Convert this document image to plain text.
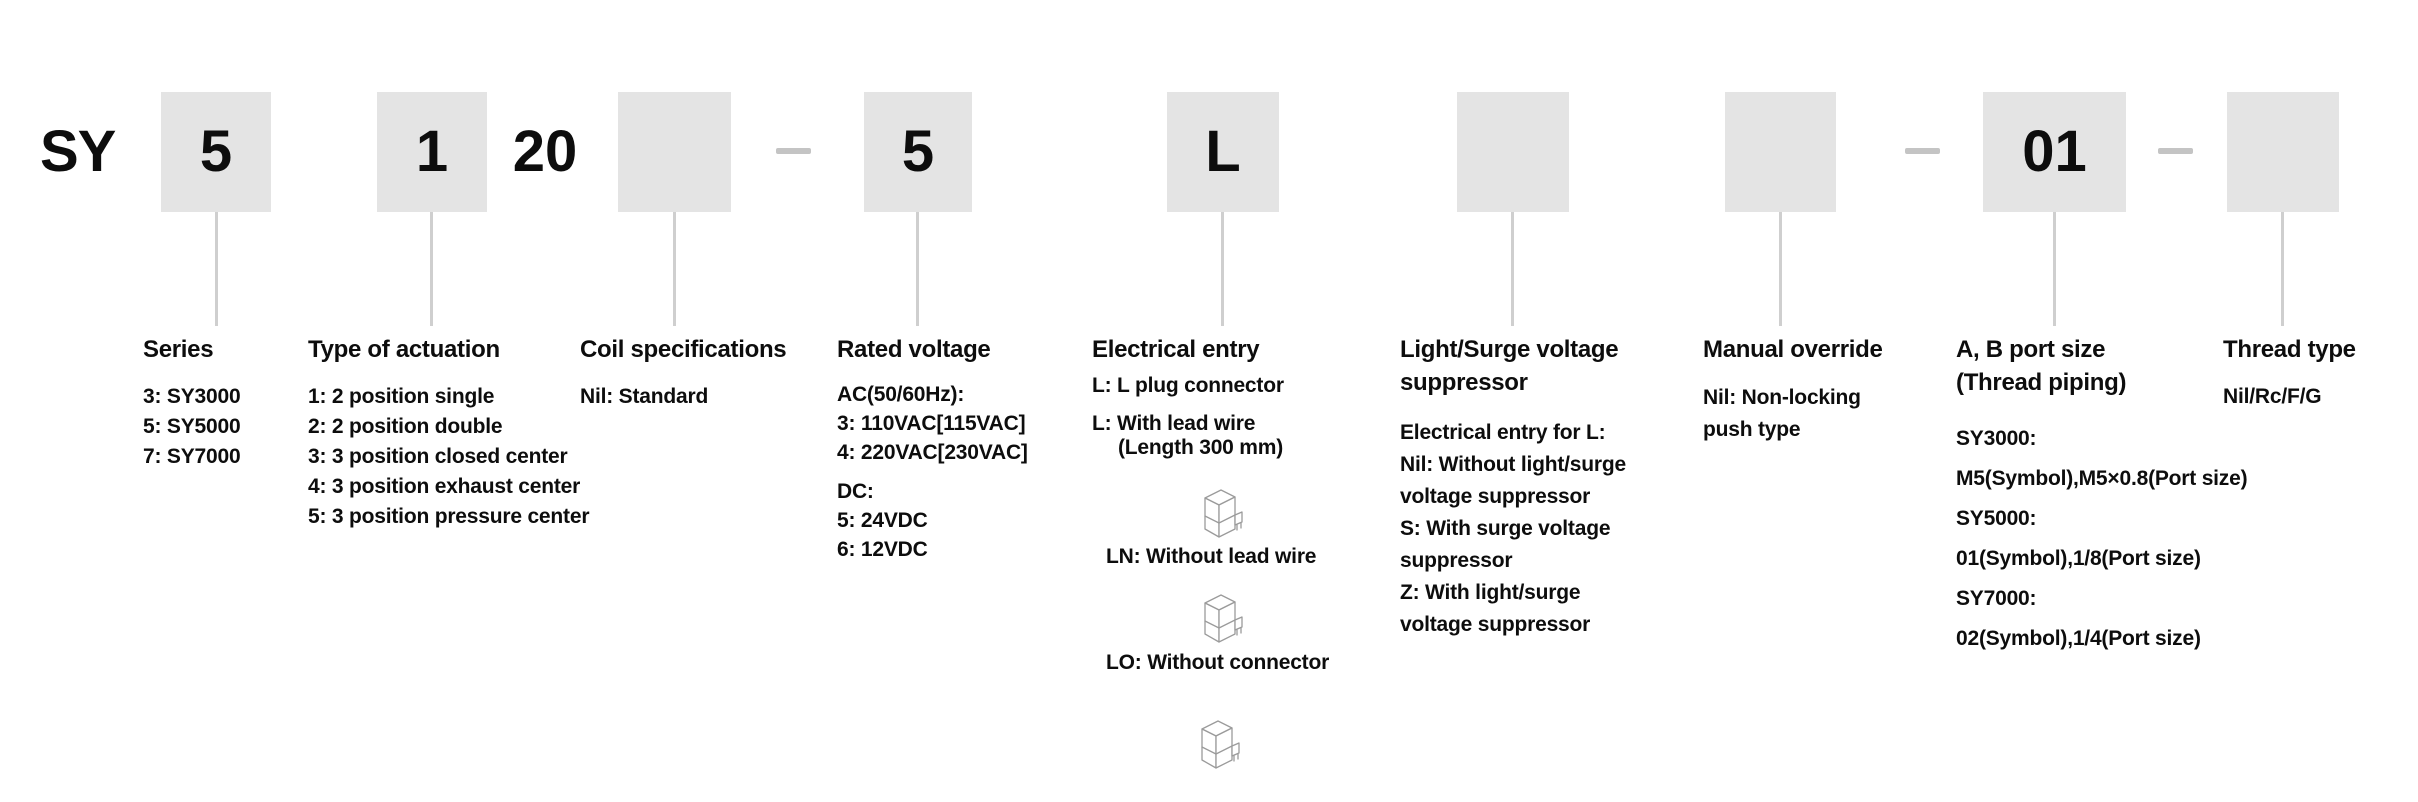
SY	5	1	20	5	L	01
Series
3: SY3000
5: SY5000
7: SY7000
Type of actuation
1: 2 position single
2: 2 position double
3: 3 position closed center
4: 3 position exhaust center
5: 3 position pressure center
Coil specifications
Nil: Standard
Rated voltage
AC(50/60Hz):
3: 110VAC[115VAC]
4: 220VAC[230VAC]
DC:
5: 24VDC
6: 12VDC
Electrical entry
L: L plug connector
L: With lead wire
(Length 300 mm)
LN: Without lead wire
LO: Without connector
Light/Surge voltage suppressor
Electrical entry for L:
Nil: Without light/surge voltage suppressor
S: With surge voltage suppressor
Z: With light/surge voltage suppressor
Manual override
Nil: Non-locking push type
A, B port size (Thread piping)
SY3000:
M5(Symbol),M5×0.8(Port size)
SY5000:
01(Symbol),1/8(Port size)
SY7000:
02(Symbol),1/4(Port size)
Thread type
Nil/Rc/F/G
